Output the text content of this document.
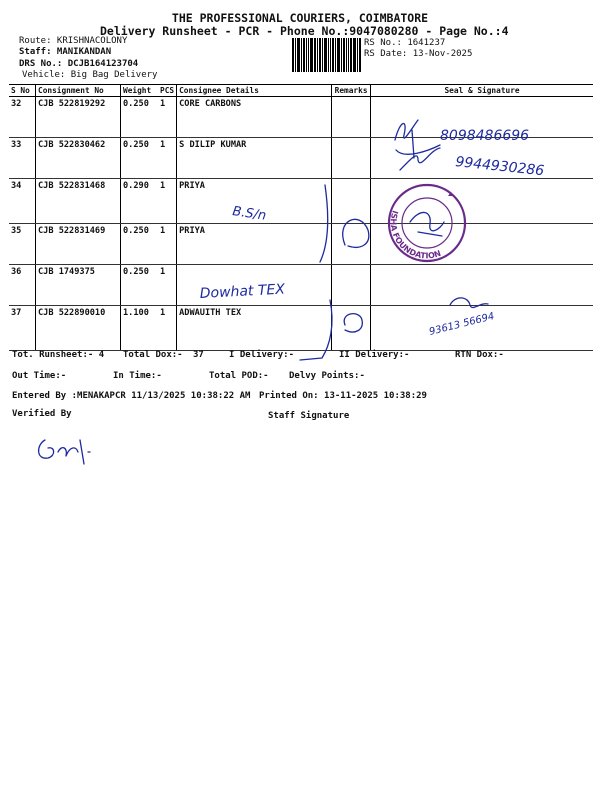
THE PROFESSIONAL COURIERS, COIMBATORE
Delivery Runsheet - PCR - Phone No.:9047080280 - Page No.:4
Route: KRISHNACOLONY
Staff: MANIKANDAN
DRS No.: DCJB164123704
Vehicle: Big Bag Delivery
RS No.: 1641237
RS Date: 13-Nov-2025
S No	Consignment No	Weight	PCS	Consignee Details	Remarks	Seal & Signature
32	CJB 522819292	0.250	1	CORE CARBONS		
33	CJB 522830462	0.250	1	S DILIP KUMAR		
34	CJB 522831468	0.290	1	PRIYA		
35	CJB 522831469	0.250	1	PRIYA		
36	CJB 1749375	0.250	1			
37	CJB 522890010	1.100	1	ADWAUITH TEX		
Tot. Runsheet:- 4 Total Dox:- 37	I Delivery:-	II Delivery:-	RTN Dox:-
Out Time:-	In Time:-	Total POD:- Delvy Points:-
Entered By :MENAKAPCR 11/13/2025 10:38:22 AM Printed On: 13-11-2025 10:38:29
Verified By	Staff Signature
ISHA FOUNDATION
8098486696
9944930286
B.S/n
Dowhat TEX
93613 56694
